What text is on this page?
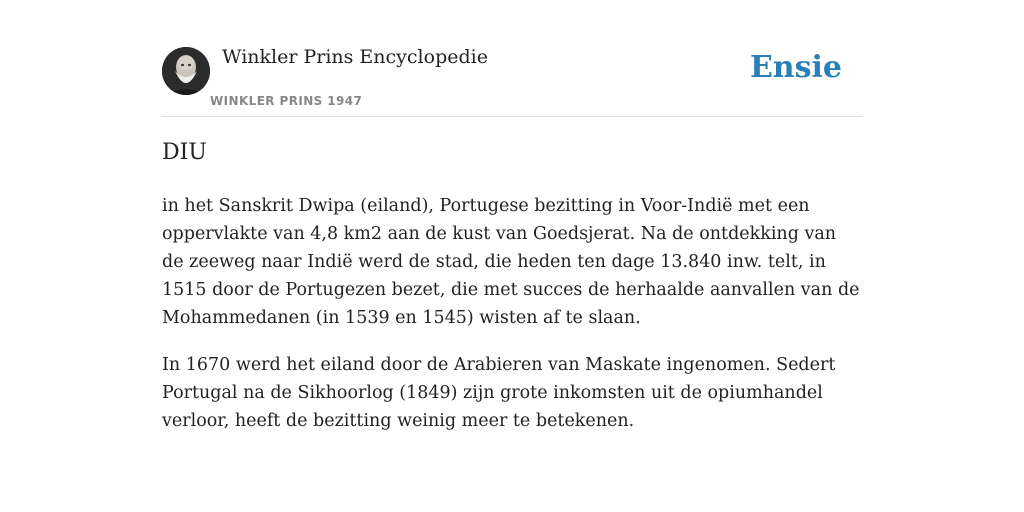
Winkler Prins Encyclopedie
WINKLER PRINS 1947
Ensie
DIU

in het Sanskrit Dwipa (eiland), Portugese bezitting in Voor-Indië met een oppervlakte van 4,8 km2 aan de kust van Goedsjerat. Na de ontdekking van de zeeweg naar Indië werd de stad, die heden ten dage 13.840 inw. telt, in 1515 door de Portugezen bezet, die met succes de herhaalde aanvallen van de Mohammedanen (in 1539 en 1545) wisten af te slaan.

In 1670 werd het eiland door de Arabieren van Maskate ingenomen. Sedert Portugal na de Sikhoorlog (1849) zijn grote inkomsten uit de opiumhandel verloor, heeft de bezitting weinig meer te betekenen.
